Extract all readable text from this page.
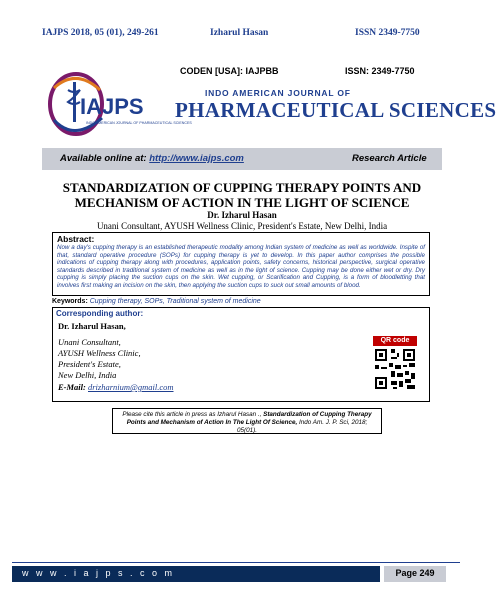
IAJPS 2018, 05 (01), 249-261	Izharul Hasan	ISSN 2349-7750
IAJPS
INDO AMERICAN JOURNAL OF PHARMACEUTICAL SCIENCES
CODEN [USA]: IAJPBB	ISSN: 2349-7750
INDO AMERICAN JOURNAL OF
PHARMACEUTICAL SCIENCES
Available online at: http://www.iajps.com	Research Article
STANDARDIZATION OF CUPPING THERAPY POINTS AND
MECHANISM OF ACTION IN THE LIGHT OF SCIENCE
Dr. Izharul Hasan
Unani Consultant, AYUSH Wellness Clinic, President's Estate, New Delhi, India
Abstract:
Now a day's cupping therapy is an established therapeutic modality among Indian system of medicine as well as worldwide. Inspite of that, standard operative procedure (SOPs) for cupping therapy is yet to develop. In this paper author comprises the possible indications of cupping therapy along with procedures, application points, safety concerns, historical perspective, surgical operative standards described in traditional system of medicine as well as in the light of science. Cupping may be done either wet or dry. Dry cupping is simply placing the suction cups on the skin. Wet cupping, or Scarification and Cupping, is a form of bloodletting that involves first making an incision on the skin, then applying the suction cups to suck out small amounts of blood.
Keywords: Cupping therapy, SOPs, Traditional system of medicine
Corresponding author:
Dr. Izharul Hasan,
Unani Consultant,
AYUSH Wellness Clinic,
President's Estate,
New Delhi, India
E-Mail: drizharnium@gmail.com
QR code
Please cite this article in press as Izharul Hasan ., Standardization of Cupping Therapy Points and Mechanism of Action In The Light Of Science, Indo Am. J. P. Sci, 2018; 05(01).
w w w . i a j p s . c o m	Page 249
